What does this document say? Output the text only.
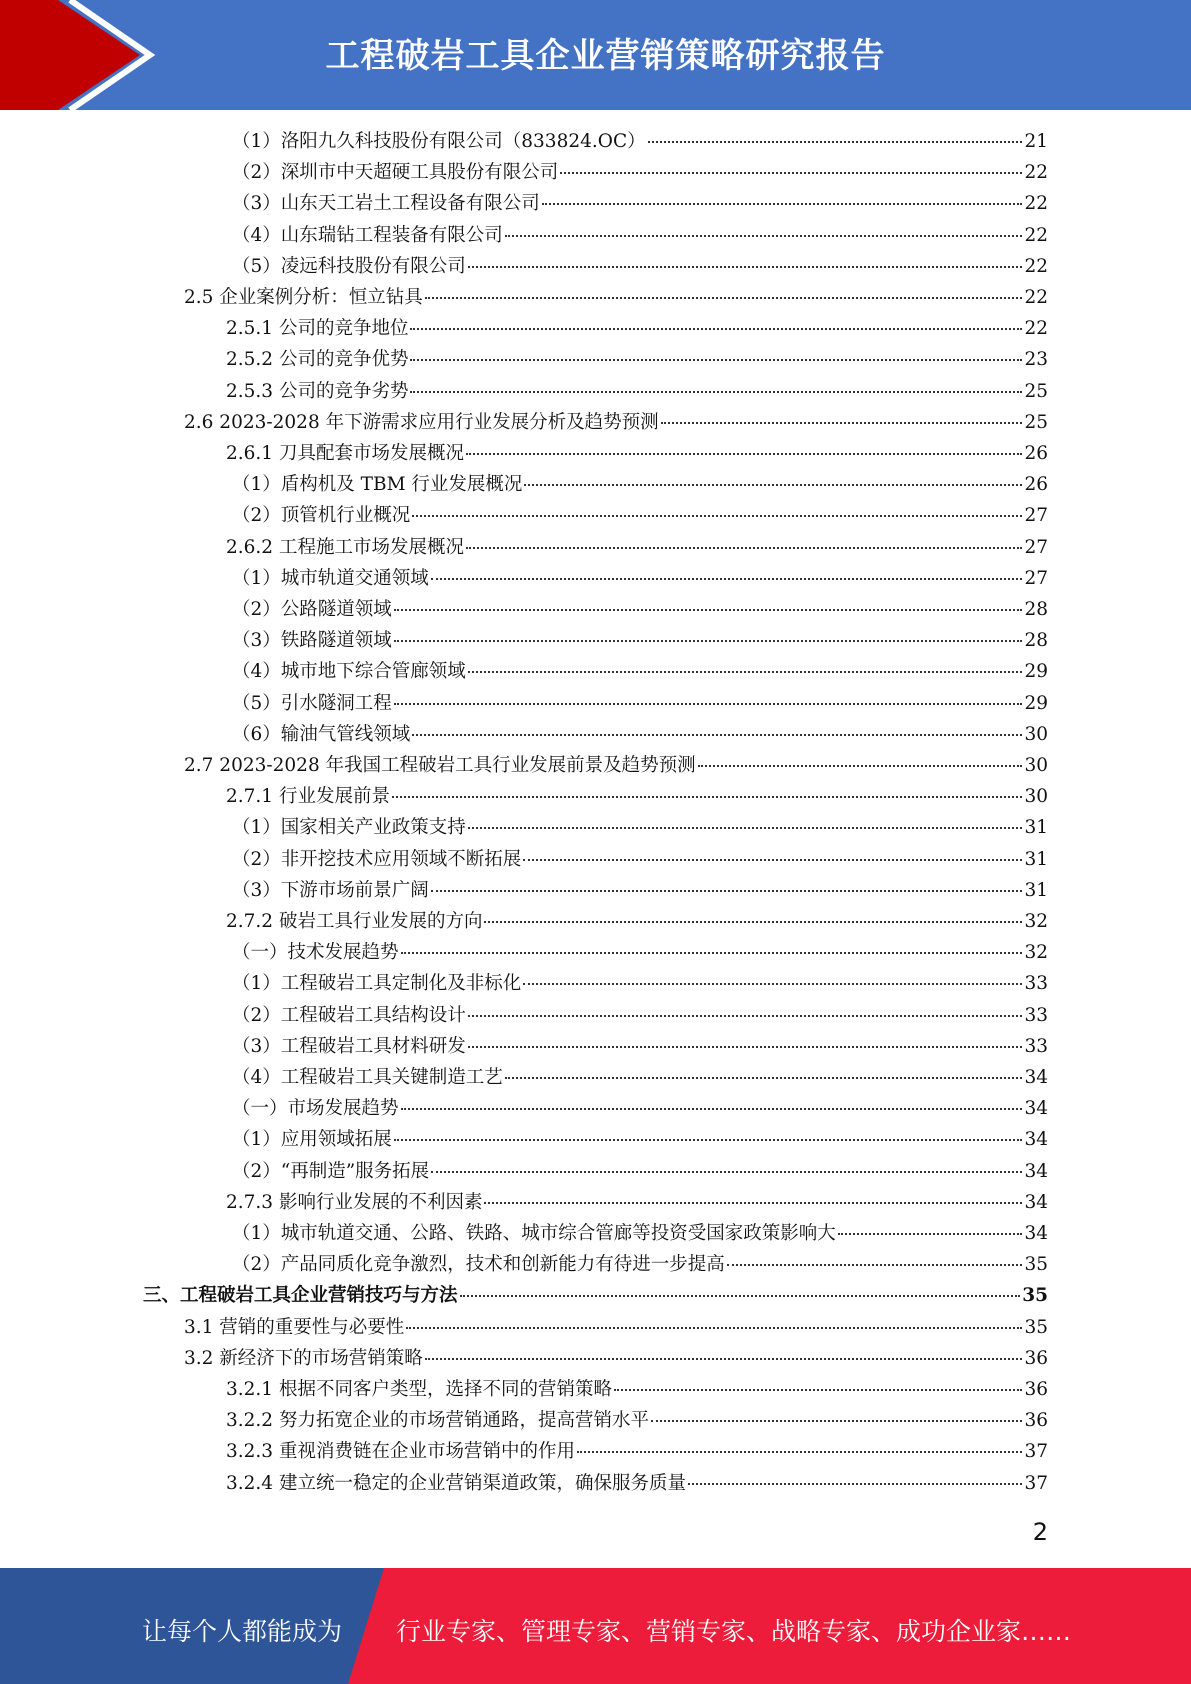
工程破岩工具企业营销策略研究报告
（1）洛阳九久科技股份有限公司（833824.OC）	21
（2）深圳市中天超硬工具股份有限公司	22
（3）山东天工岩土工程设备有限公司	22
（4）山东瑞钻工程装备有限公司	22
（5）凌远科技股份有限公司	22
2.5 企业案例分析：恒立钻具	22
2.5.1 公司的竞争地位	22
2.5.2 公司的竞争优势	23
2.5.3 公司的竞争劣势	25
2.6 2023-2028 年下游需求应用行业发展分析及趋势预测	25
2.6.1 刀具配套市场发展概况	26
（1）盾构机及 TBM 行业发展概况	26
（2）顶管机行业概况	27
2.6.2 工程施工市场发展概况	27
（1）城市轨道交通领域	27
（2）公路隧道领域	28
（3）铁路隧道领域	28
（4）城市地下综合管廊领域	29
（5）引水隧洞工程	29
（6）输油气管线领域	30
2.7 2023-2028 年我国工程破岩工具行业发展前景及趋势预测	30
2.7.1 行业发展前景	30
（1）国家相关产业政策支持	31
（2）非开挖技术应用领域不断拓展	31
（3）下游市场前景广阔	31
2.7.2 破岩工具行业发展的方向	32
（一）技术发展趋势	32
（1）工程破岩工具定制化及非标化	33
（2）工程破岩工具结构设计	33
（3）工程破岩工具材料研发	33
（4）工程破岩工具关键制造工艺	34
（一）市场发展趋势	34
（1）应用领域拓展	34
（2）“再制造”服务拓展	34
2.7.3 影响行业发展的不利因素	34
（1）城市轨道交通、公路、铁路、城市综合管廊等投资受国家政策影响大	34
（2）产品同质化竞争激烈，技术和创新能力有待进一步提高	35
三、工程破岩工具企业营销技巧与方法	35
3.1 营销的重要性与必要性	35
3.2 新经济下的市场营销策略	36
3.2.1 根据不同客户类型，选择不同的营销策略	36
3.2.2 努力拓宽企业的市场营销通路，提高营销水平	36
3.2.3 重视消费链在企业市场营销中的作用	37
3.2.4 建立统一稳定的企业营销渠道政策，确保服务质量	37
2
让每个人都能成为 行业专家、管理专家、营销专家、战略专家、成功企业家……
